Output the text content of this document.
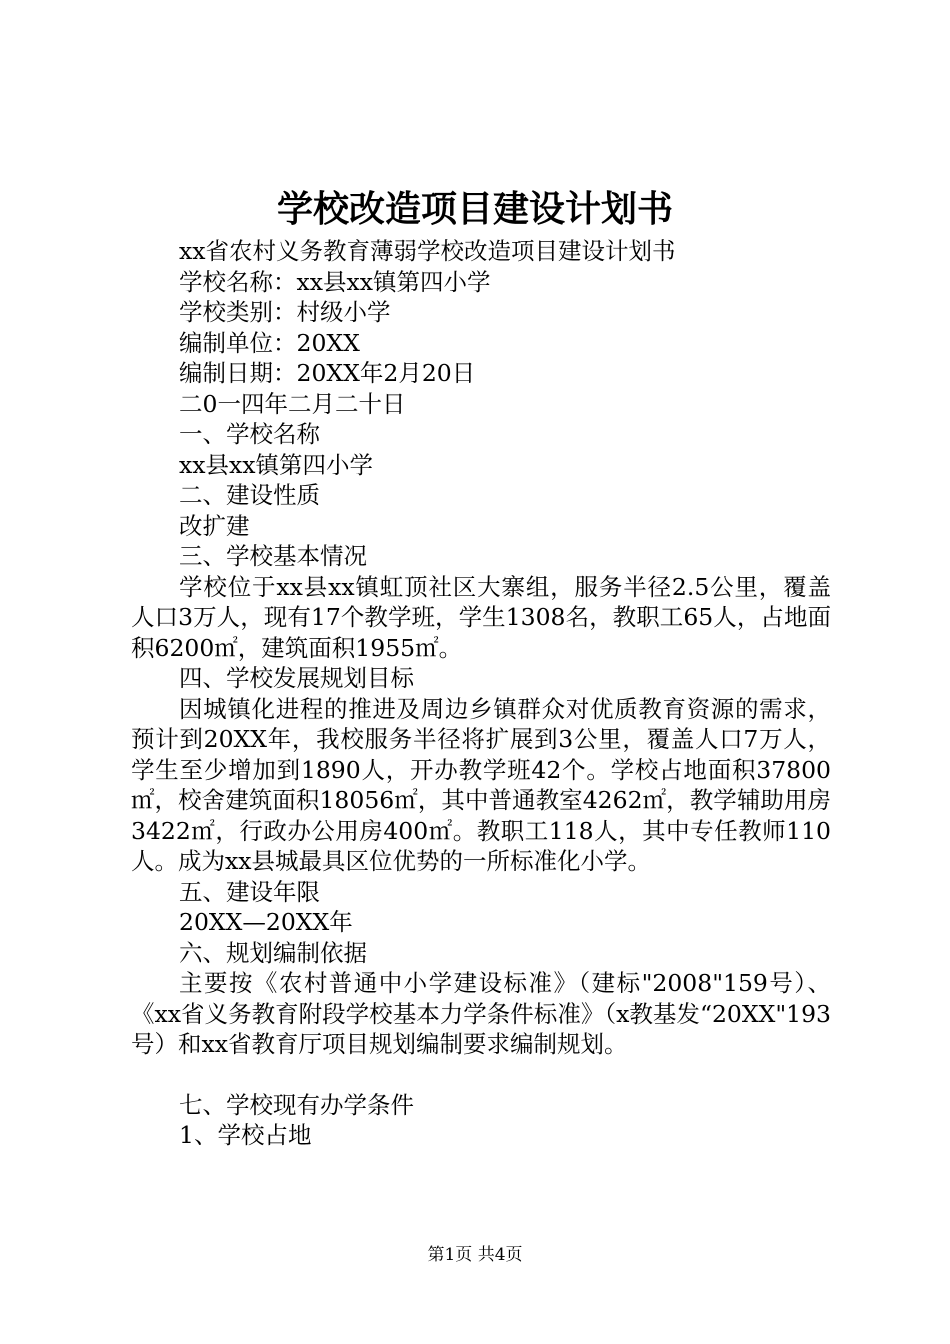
学校改造项目建设计划书
xx省农村义务教育薄弱学校改造项目建设计划书
学校名称：xx县xx镇第四小学
学校类别：村级小学
编制单位：20XX
编制日期：20XX年2月20日
二0一四年二月二十日
一、学校名称
xx县xx镇第四小学
二、建设性质
改扩建
三、学校基本情况

学校位于xx县xx镇虹顶社区大寨组，服务半径2.5公里，覆盖人口3万人，现有17个教学班，学生1308名，教职工65人，占地面积6200㎡，建筑面积1955㎡。

四、学校发展规划目标

因城镇化进程的推进及周边乡镇群众对优质教育资源的需求，预计到20XX年，我校服务半径将扩展到3公里，覆盖人口7万人，学生至少增加到1890人，开办教学班42个。学校占地面积37800㎡，校舍建筑面积18056㎡，其中普通教室4262㎡，教学辅助用房3422㎡，行政办公用房400㎡。教职工118人，其中专任教师110人。成为xx县城最具区位优势的一所标准化小学。

五、建设年限
20XX—20XX年
六、规划编制依据

主要按《农村普通中小学建设标准》（建标"2008"159号）、《xx省义务教育附段学校基本力学条件标准》（x教基发“20XX"193号）和xx省教育厅项目规划编制要求编制规划。

七、学校现有办学条件
1、学校占地
第1页 共4页
